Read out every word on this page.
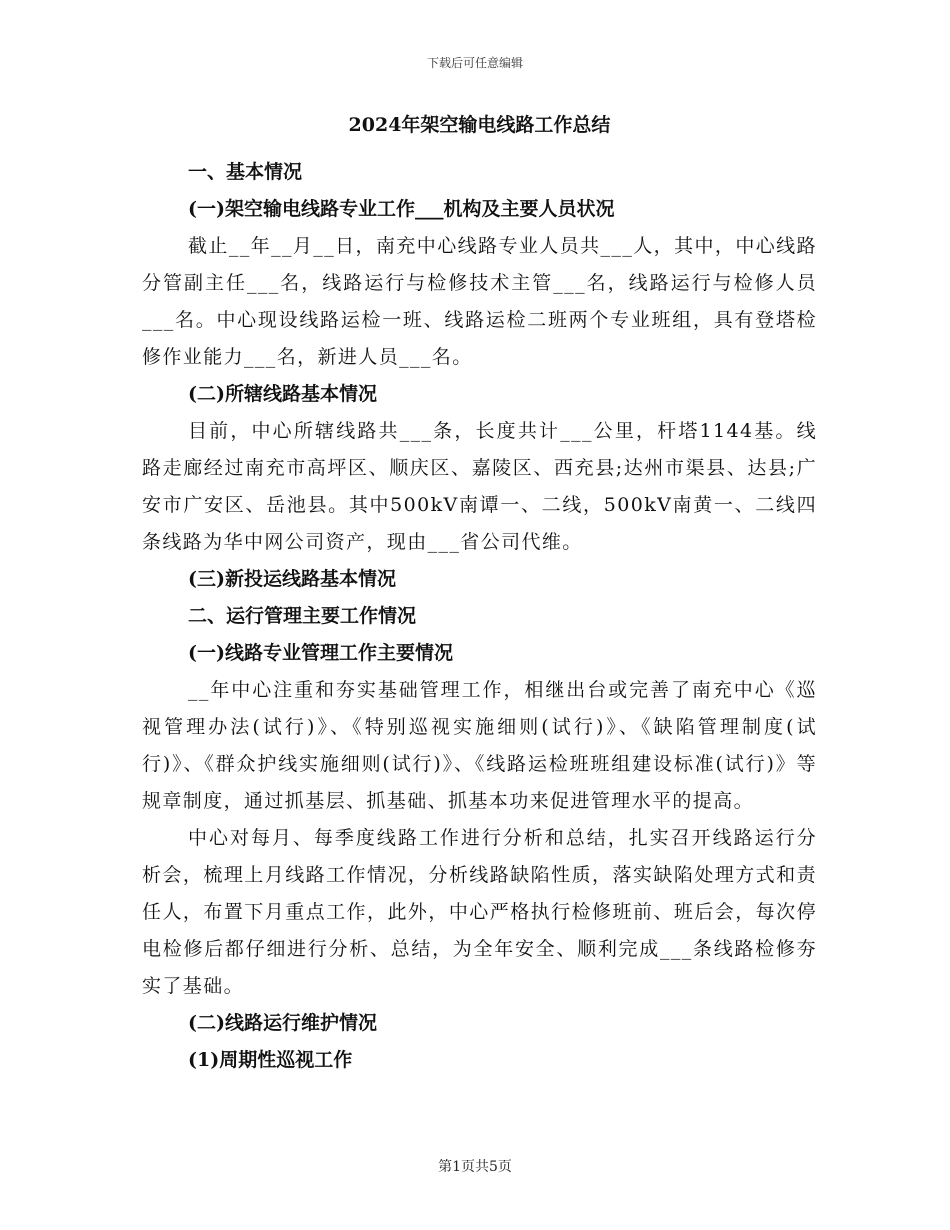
下载后可任意编辑
2024年架空输电线路工作总结
一、基本情况
(一)架空输电线路专业工作___机构及主要人员状况

截止__年__月__日，南充中心线路专业人员共___人，其中，中心线路分管副主任___名，线路运行与检修技术主管___名，线路运行与检修人员___名。中心现设线路运检一班、线路运检二班两个专业班组，具有登塔检修作业能力___名，新进人员___名。

(二)所辖线路基本情况

目前，中心所辖线路共___条，长度共计___公里，杆塔1144基。线路走廊经过南充市高坪区、顺庆区、嘉陵区、西充县;达州市渠县、达县;广安市广安区、岳池县。其中500kV南谭一、二线，500kV南黄一、二线四条线路为华中网公司资产，现由___省公司代维。

(三)新投运线路基本情况
二、运行管理主要工作情况
(一)线路专业管理工作主要情况

__年中心注重和夯实基础管理工作，相继出台或完善了南充中心《巡视管理办法(试行)》、《特别巡视实施细则(试行)》、《缺陷管理制度(试行)》、《群众护线实施细则(试行)》、《线路运检班班组建设标准(试行)》等规章制度，通过抓基层、抓基础、抓基本功来促进管理水平的提高。

中心对每月、每季度线路工作进行分析和总结，扎实召开线路运行分析会，梳理上月线路工作情况，分析线路缺陷性质，落实缺陷处理方式和责任人，布置下月重点工作，此外，中心严格执行检修班前、班后会，每次停电检修后都仔细进行分析、总结，为全年安全、顺利完成___条线路检修夯实了基础。

(二)线路运行维护情况
(1)周期性巡视工作
第1页共5页
